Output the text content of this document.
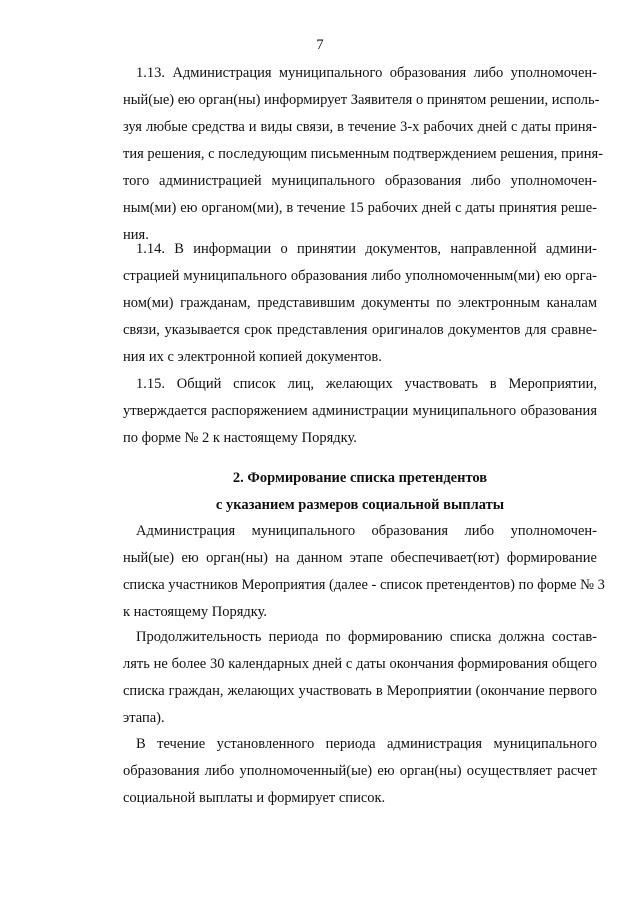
7
1.13. Администрация муниципального образования либо уполномочен-
ный(ые) ею орган(ны) информирует Заявителя о принятом решении, исполь-
зуя любые средства и виды связи, в течение 3-х рабочих дней с даты приня-
тия решения, с последующим письменным подтверждением решения, приня-
того администрацией муниципального образования либо уполномочен-
ным(ми) ею органом(ми), в течение 15 рабочих дней с даты принятия реше-
ния.
1.14. В информации о принятии документов, направленной админи-
страцией муниципального образования либо уполномоченным(ми) ею орга-
ном(ми) гражданам, представившим документы по электронным каналам
связи, указывается срок представления оригиналов документов для сравне-
ния их с электронной копией документов.
1.15. Общий список лиц, желающих участвовать в Мероприятии,
утверждается распоряжением администрации муниципального образования
по форме № 2 к настоящему Порядку.
2. Формирование списка претендентов
с указанием размеров социальной выплаты
Администрация муниципального образования либо уполномочен-
ный(ые) ею орган(ны) на данном этапе обеспечивает(ют) формирование
списка участников Мероприятия (далее - список претендентов) по форме № 3
к настоящему Порядку.
Продолжительность периода по формированию списка должна состав-
лять не более 30 календарных дней с даты окончания формирования общего
списка граждан, желающих участвовать в Мероприятии (окончание первого
этапа).
В течение установленного периода администрация муниципального
образования либо уполномоченный(ые) ею орган(ны) осуществляет расчет
социальной выплаты и формирует список.
